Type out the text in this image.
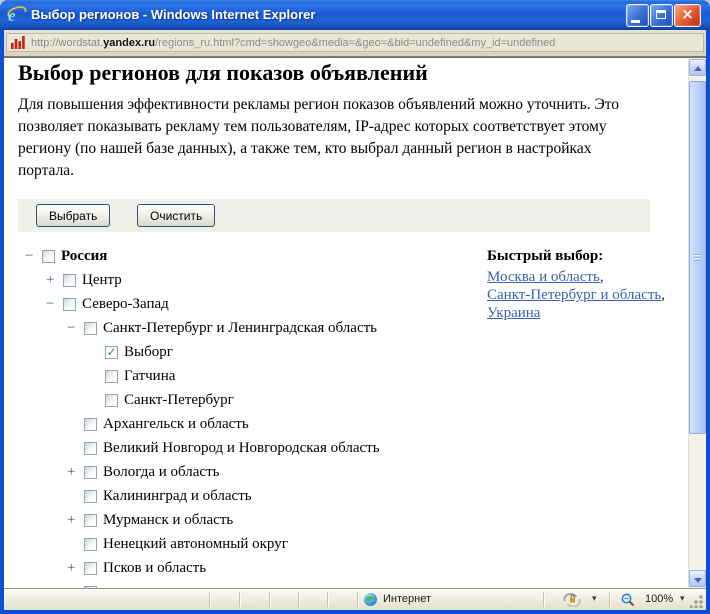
e Выбор регионов - Windows Internet Explorer	×
http://wordstat.yandex.ru/regions_ru.html?cmd=showgeo&media=&geo=&bid=undefined&my_id=undefined
Выбор регионов для показов объявлений

Для повышения эффективности рекламы регион показов объявлений можно уточнить. Это позволяет показывать рекламу тем пользователям, IP-адрес которых соответствует этому региону (по нашей базе данных), а также тем, кто выбрал данный регион в настройках портала.

Выбрать	Очистить
−	Россия
+	Центр
−	Северо-Запад
−	Санкт-Петербург и Ленинградская область
✓
Выборг
Гатчина
Санкт-Петербург
Архангельск и область
Великий Новгород и Новгородская область
+	Вологда и область
Калининград и область
+	Мурманск и область
Ненецкий автономный округ
+	Псков и область
Быстрый выбор:
Москва и область,
Санкт-Петербург и область,
Украина
Интернет	▾	100% ▾
